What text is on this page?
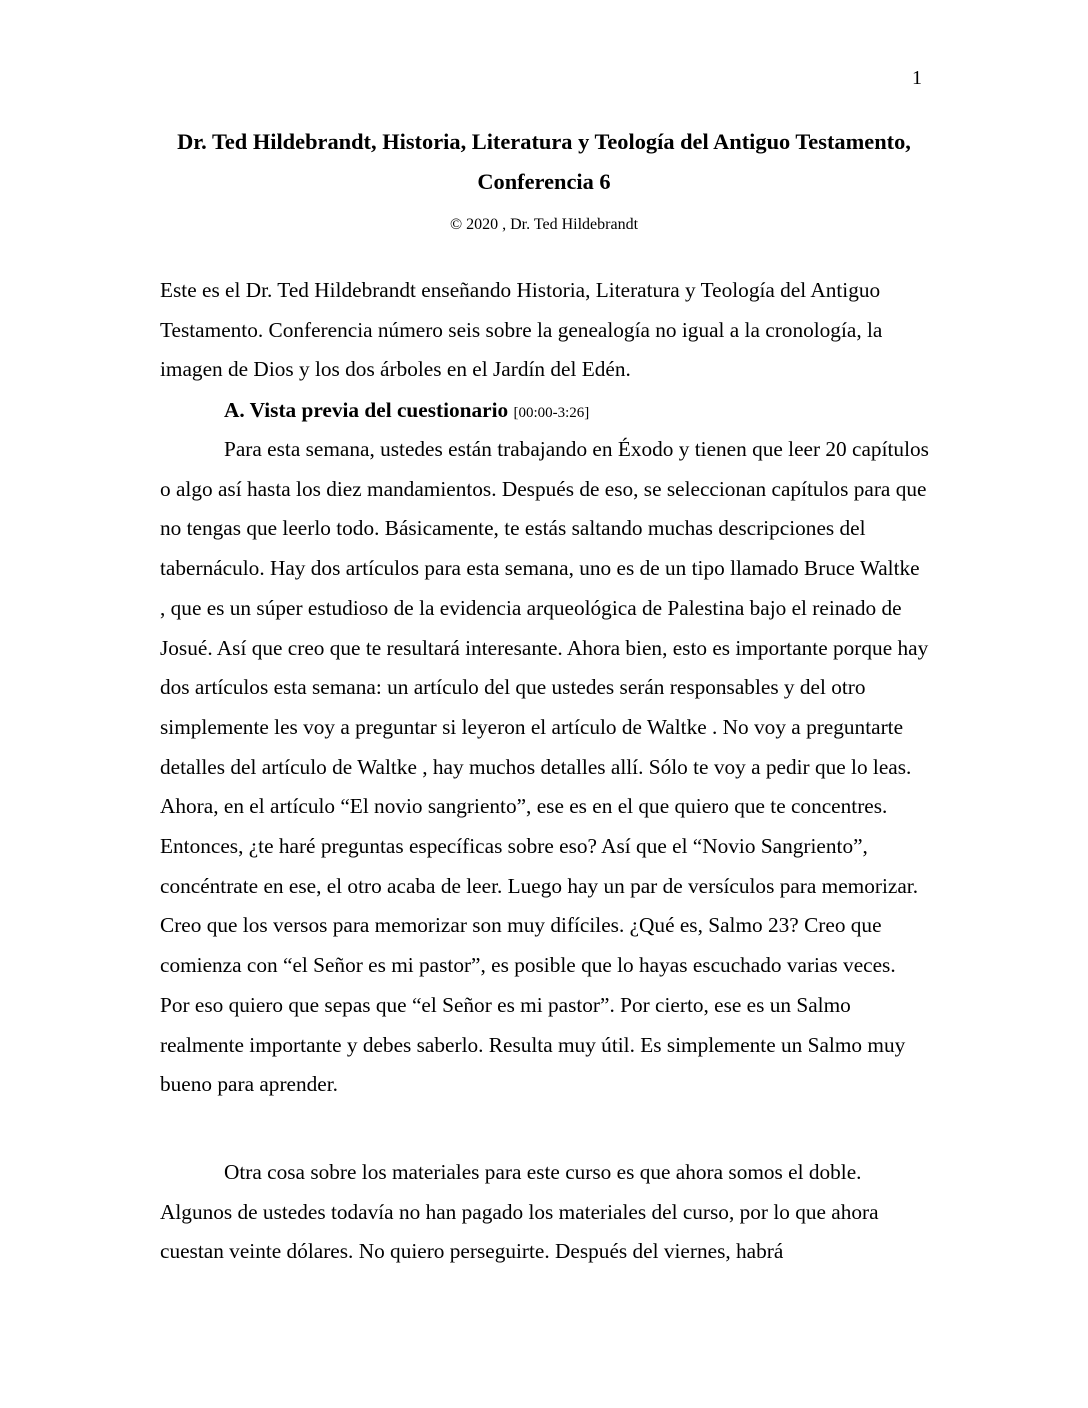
1
Dr. Ted Hildebrandt, Historia, Literatura y Teología del Antiguo Testamento, Conferencia 6
© 2020 , Dr. Ted Hildebrandt

Este es el Dr. Ted Hildebrandt enseñando Historia, Literatura y Teología del Antiguo Testamento. Conferencia número seis sobre la genealogía no igual a la cronología, la imagen de Dios y los dos árboles en el Jardín del Edén.

A. Vista previa del cuestionario [00:00-3:26]

Para esta semana, ustedes están trabajando en Éxodo y tienen que leer 20 capítulos o algo así hasta los diez mandamientos. Después de eso, se seleccionan capítulos para que no tengas que leerlo todo. Básicamente, te estás saltando muchas descripciones del tabernáculo. Hay dos artículos para esta semana, uno es de un tipo llamado Bruce Waltke , que es un súper estudioso de la evidencia arqueológica de Palestina bajo el reinado de Josué. Así que creo que te resultará interesante. Ahora bien, esto es importante porque hay dos artículos esta semana: un artículo del que ustedes serán responsables y del otro simplemente les voy a preguntar si leyeron el artículo de Waltke . No voy a preguntarte detalles del artículo de Waltke , hay muchos detalles allí. Sólo te voy a pedir que lo leas. Ahora, en el artículo “El novio sangriento”, ese es en el que quiero que te concentres. Entonces, ¿te haré preguntas específicas sobre eso? Así que el “Novio Sangriento”, concéntrate en ese, el otro acaba de leer. Luego hay un par de versículos para memorizar. Creo que los versos para memorizar son muy difíciles. ¿Qué es, Salmo 23? Creo que comienza con “el Señor es mi pastor”, es posible que lo hayas escuchado varias veces. Por eso quiero que sepas que “el Señor es mi pastor”. Por cierto, ese es un Salmo realmente importante y debes saberlo. Resulta muy útil. Es simplemente un Salmo muy bueno para aprender.

Otra cosa sobre los materiales para este curso es que ahora somos el doble. Algunos de ustedes todavía no han pagado los materiales del curso, por lo que ahora cuestan veinte dólares. No quiero perseguirte. Después del viernes, habrá
